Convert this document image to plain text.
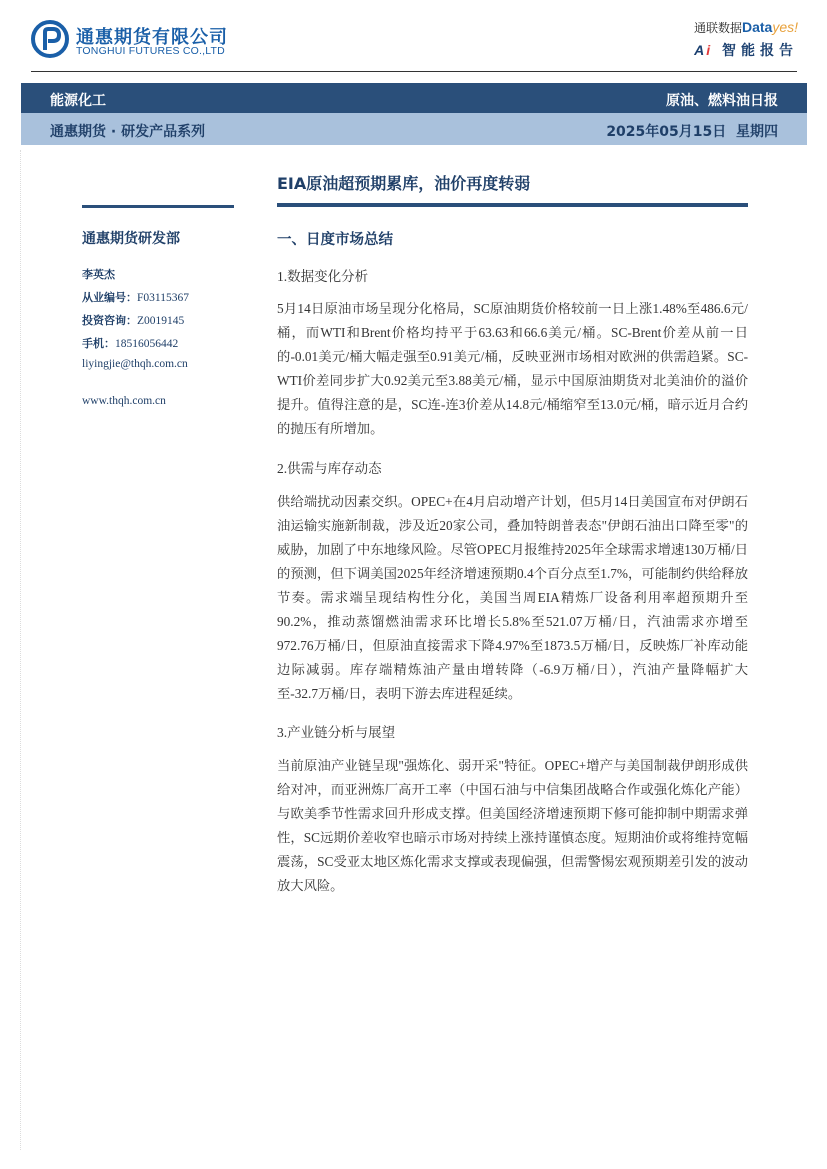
通惠期货有限公司
TONGHUI FUTURES CO.,LTD
通联数据Datayes!
Ai 智能报告
能源化工	原油、燃料油日报
通惠期货 · 研发产品系列	2025年05月15日  星期四
通惠期货研发部
李英杰
从业编号：F03115367
投资咨询：Z0019145
手机：18516056442
liyingjie@thqh.com.cn
www.thqh.com.cn
EIA原油超预期累库，油价再度转弱
一、日度市场总结
1.数据变化分析
5月14日原油市场呈现分化格局，SC原油期货价格较前一日上涨1.48%至486.6元/桶，而WTI和Brent价格均持平于63.63和66.6美元/桶。SC-Brent价差从前一日的-0.01美元/桶大幅走强至0.91美元/桶，反映亚洲市场相对欧洲的供需趋紧。SC-WTI价差同步扩大0.92美元至3.88美元/桶，显示中国原油期货对北美油价的溢价提升。值得注意的是，SC连-连3价差从14.8元/桶缩窄至13.0元/桶，暗示近月合约的抛压有所增加。
2.供需与库存动态
供给端扰动因素交织。OPEC+在4月启动增产计划，但5月14日美国宣布对伊朗石油运输实施新制裁，涉及近20家公司，叠加特朗普表态"伊朗石油出口降至零"的威胁，加剧了中东地缘风险。尽管OPEC月报维持2025年全球需求增速130万桶/日的预测，但下调美国2025年经济增速预期0.4个百分点至1.7%，可能制约供给释放节奏。需求端呈现结构性分化，美国当周EIA精炼厂设备利用率超预期升至90.2%，推动蒸馏燃油需求环比增长5.8%至521.07万桶/日，汽油需求亦增至972.76万桶/日，但原油直接需求下降4.97%至1873.5万桶/日，反映炼厂补库动能边际减弱。库存端精炼油产量由增转降（-6.9万桶/日），汽油产量降幅扩大至-32.7万桶/日，表明下游去库进程延续。
3.产业链分析与展望
当前原油产业链呈现"强炼化、弱开采"特征。OPEC+增产与美国制裁伊朗形成供给对冲，而亚洲炼厂高开工率（中国石油与中信集团战略合作或强化炼化产能）与欧美季节性需求回升形成支撑。但美国经济增速预期下修可能抑制中期需求弹性，SC远期价差收窄也暗示市场对持续上涨持谨慎态度。短期油价或将维持宽幅震荡，SC受亚太地区炼化需求支撑或表现偏强，但需警惕宏观预期差引发的波动放大风险。
